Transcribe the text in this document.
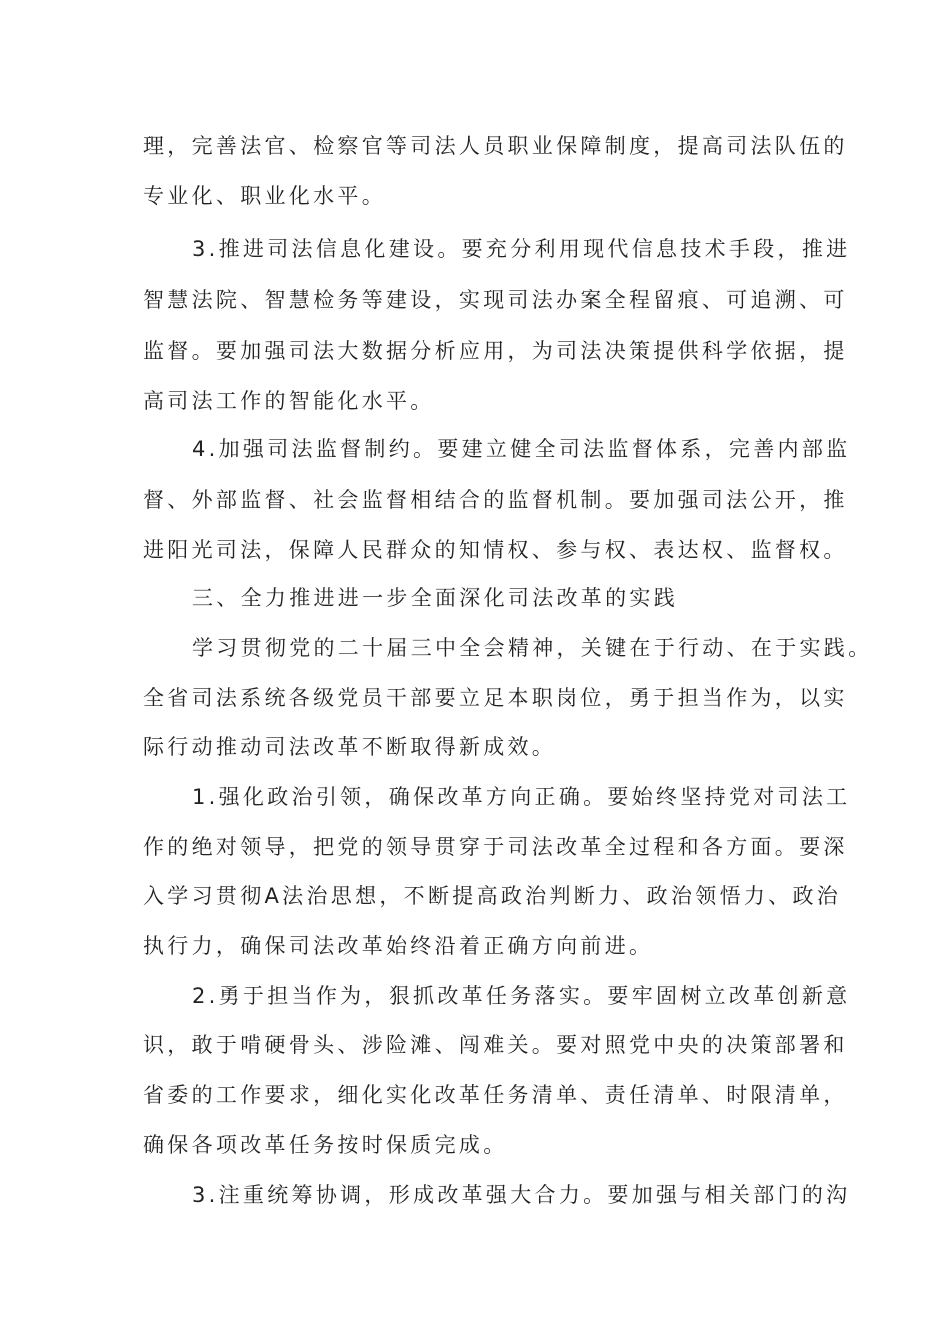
理，完善法官、检察官等司法人员职业保障制度，提高司法队伍的
专业化、职业化水平。
3.推进司法信息化建设。要充分利用现代信息技术手段，推进
智慧法院、智慧检务等建设，实现司法办案全程留痕、可追溯、可
监督。要加强司法大数据分析应用，为司法决策提供科学依据，提
高司法工作的智能化水平。
4.加强司法监督制约。要建立健全司法监督体系，完善内部监
督、外部监督、社会监督相结合的监督机制。要加强司法公开，推
进阳光司法，保障人民群众的知情权、参与权、表达权、监督权。
三、全力推进进一步全面深化司法改革的实践
学习贯彻党的二十届三中全会精神，关键在于行动、在于实践。
全省司法系统各级党员干部要立足本职岗位，勇于担当作为，以实
际行动推动司法改革不断取得新成效。
1.强化政治引领，确保改革方向正确。要始终坚持党对司法工
作的绝对领导，把党的领导贯穿于司法改革全过程和各方面。要深
入学习贯彻A法治思想，不断提高政治判断力、政治领悟力、政治
执行力，确保司法改革始终沿着正确方向前进。
2.勇于担当作为，狠抓改革任务落实。要牢固树立改革创新意
识，敢于啃硬骨头、涉险滩、闯难关。要对照党中央的决策部署和
省委的工作要求，细化实化改革任务清单、责任清单、时限清单，
确保各项改革任务按时保质完成。
3.注重统筹协调，形成改革强大合力。要加强与相关部门的沟
